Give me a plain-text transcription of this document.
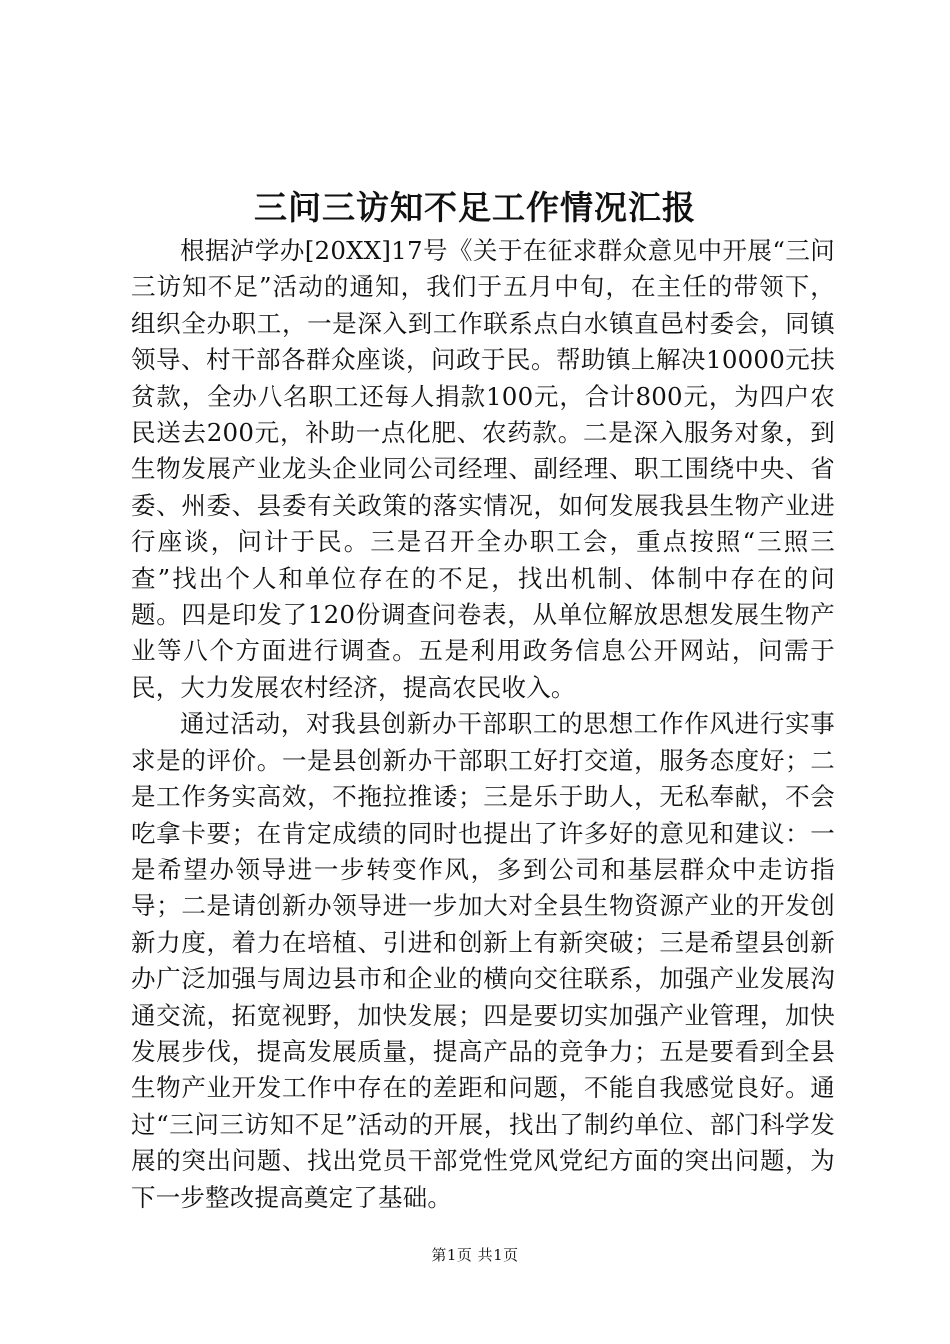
三问三访知不足工作情况汇报

根据泸学办[20XX]17号《关于在征求群众意见中开展“三问三访知不足”活动的通知，我们于五月中旬，在主任的带领下，组织全办职工，一是深入到工作联系点白水镇直邑村委会，同镇领导、村干部各群众座谈，问政于民。帮助镇上解决10000元扶贫款，全办八名职工还每人捐款100元，合计800元，为四户农民送去200元，补助一点化肥、农药款。二是深入服务对象，到生物发展产业龙头企业同公司经理、副经理、职工围绕中央、省委、州委、县委有关政策的落实情况，如何发展我县生物产业进行座谈，问计于民。三是召开全办职工会，重点按照“三照三查”找出个人和单位存在的不足，找出机制、体制中存在的问题。四是印发了120份调查问卷表，从单位解放思想发展生物产业等八个方面进行调查。五是利用政务信息公开网站，问需于民，大力发展农村经济，提高农民收入。

通过活动，对我县创新办干部职工的思想工作作风进行实事求是的评价。一是县创新办干部职工好打交道，服务态度好；二是工作务实高效，不拖拉推诿；三是乐于助人，无私奉献，不会吃拿卡要；在肯定成绩的同时也提出了许多好的意见和建议：一是希望办领导进一步转变作风，多到公司和基层群众中走访指导；二是请创新办领导进一步加大对全县生物资源产业的开发创新力度，着力在培植、引进和创新上有新突破；三是希望县创新办广泛加强与周边县市和企业的横向交往联系，加强产业发展沟通交流，拓宽视野，加快发展；四是要切实加强产业管理，加快发展步伐，提高发展质量，提高产品的竞争力；五是要看到全县生物产业开发工作中存在的差距和问题，不能自我感觉良好。通过“三问三访知不足”活动的开展，找出了制约单位、部门科学发展的突出问题、找出党员干部党性党风党纪方面的突出问题，为下一步整改提高奠定了基础。

第1页 共1页
